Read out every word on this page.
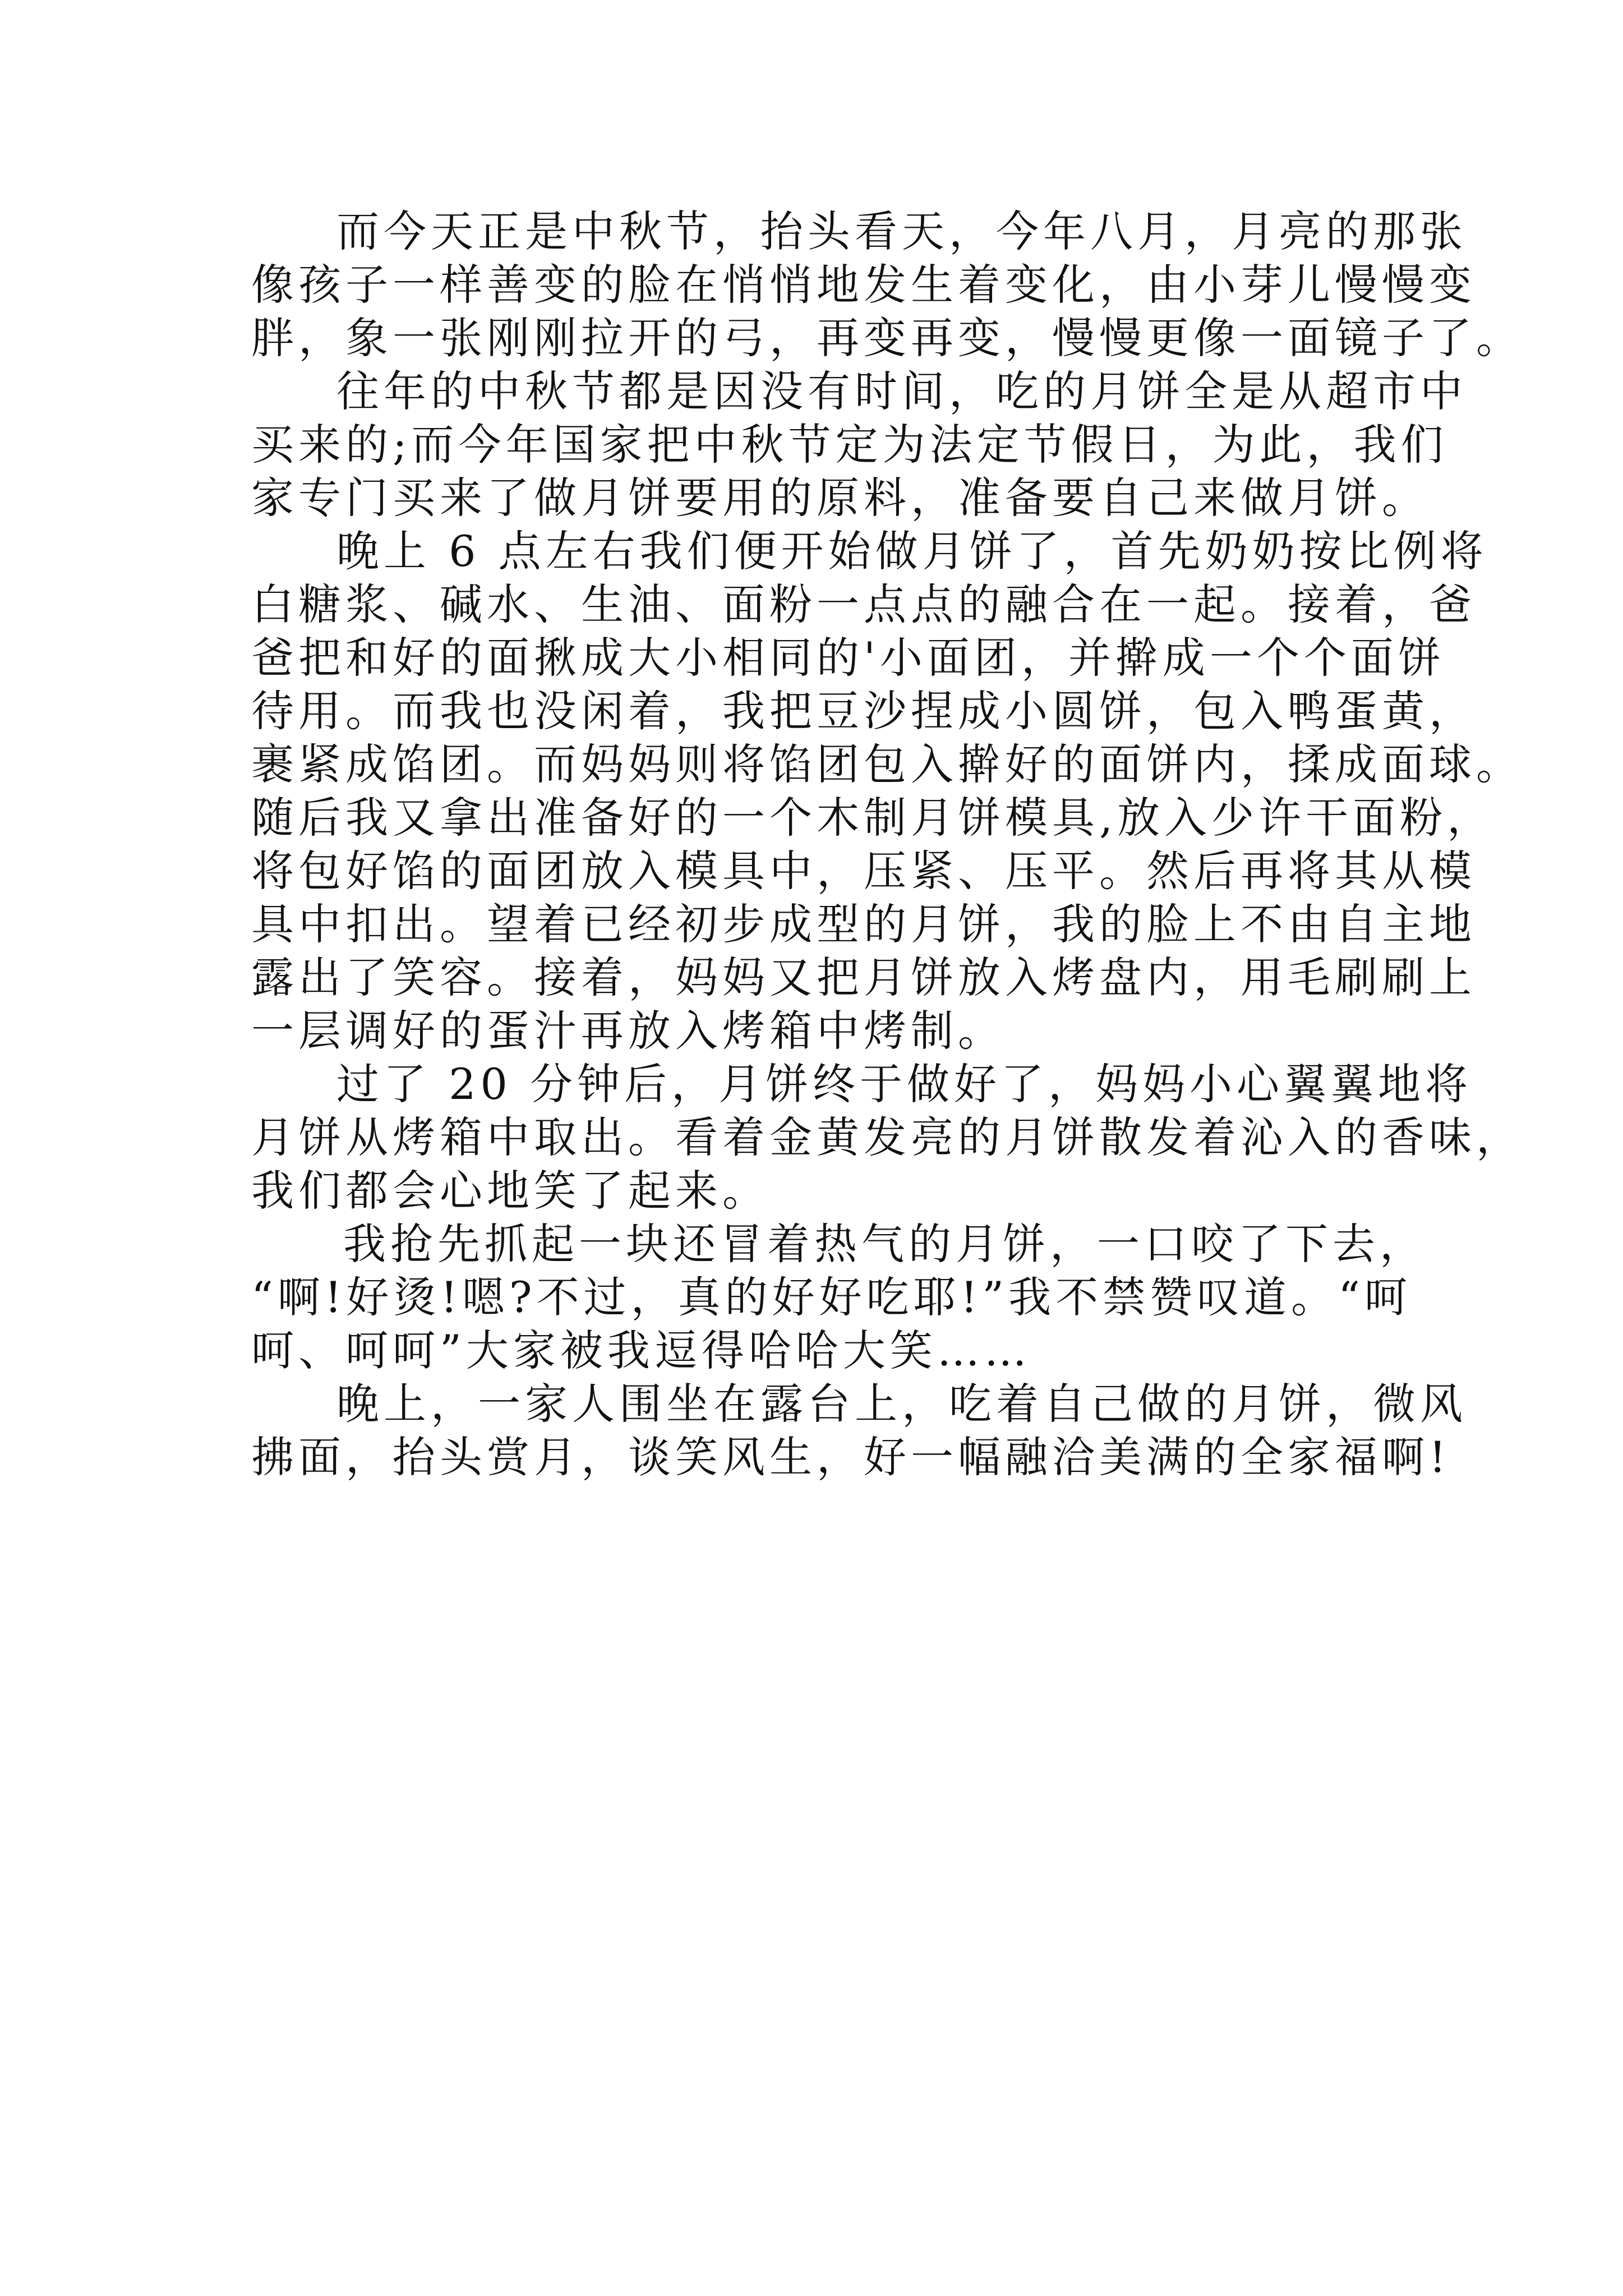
而今天正是中秋节，抬头看天，今年八月，月亮的那张
像孩子一样善变的脸在悄悄地发生着变化，由小芽儿慢慢变
胖，象一张刚刚拉开的弓，再变再变，慢慢更像一面镜子了。

往年的中秋节都是因没有时间，吃的月饼全是从超市中
买来的;而今年国家把中秋节定为法定节假日，为此，我们
家专门买来了做月饼要用的原料，准备要自己来做月饼。

晚上 6 点左右我们便开始做月饼了，首先奶奶按比例将
白糖浆、碱水、生油、面粉一点点的融合在一起。接着，爸
爸把和好的面揪成大小相同的'小面团，并擀成一个个面饼
待用。而我也没闲着，我把豆沙捏成小圆饼，包入鸭蛋黄，
裹紧成馅团。而妈妈则将馅团包入擀好的面饼内，揉成面球。
随后我又拿出准备好的一个木制月饼模具,放入少许干面粉，
将包好馅的面团放入模具中，压紧、压平。然后再将其从模
具中扣出。望着已经初步成型的月饼，我的脸上不由自主地
露出了笑容。接着，妈妈又把月饼放入烤盘内，用毛刷刷上
一层调好的蛋汁再放入烤箱中烤制。

过了 20 分钟后，月饼终于做好了，妈妈小心翼翼地将
月饼从烤箱中取出。看着金黄发亮的月饼散发着沁入的香味，
我们都会心地笑了起来。

我抢先抓起一块还冒着热气的月饼，一口咬了下去，
“啊!好烫!嗯?不过，真的好好吃耶!”我不禁赞叹道。“呵
呵、呵呵”大家被我逗得哈哈大笑……

晚上，一家人围坐在露台上，吃着自己做的月饼，微风
拂面，抬头赏月，谈笑风生，好一幅融洽美满的全家福啊!
